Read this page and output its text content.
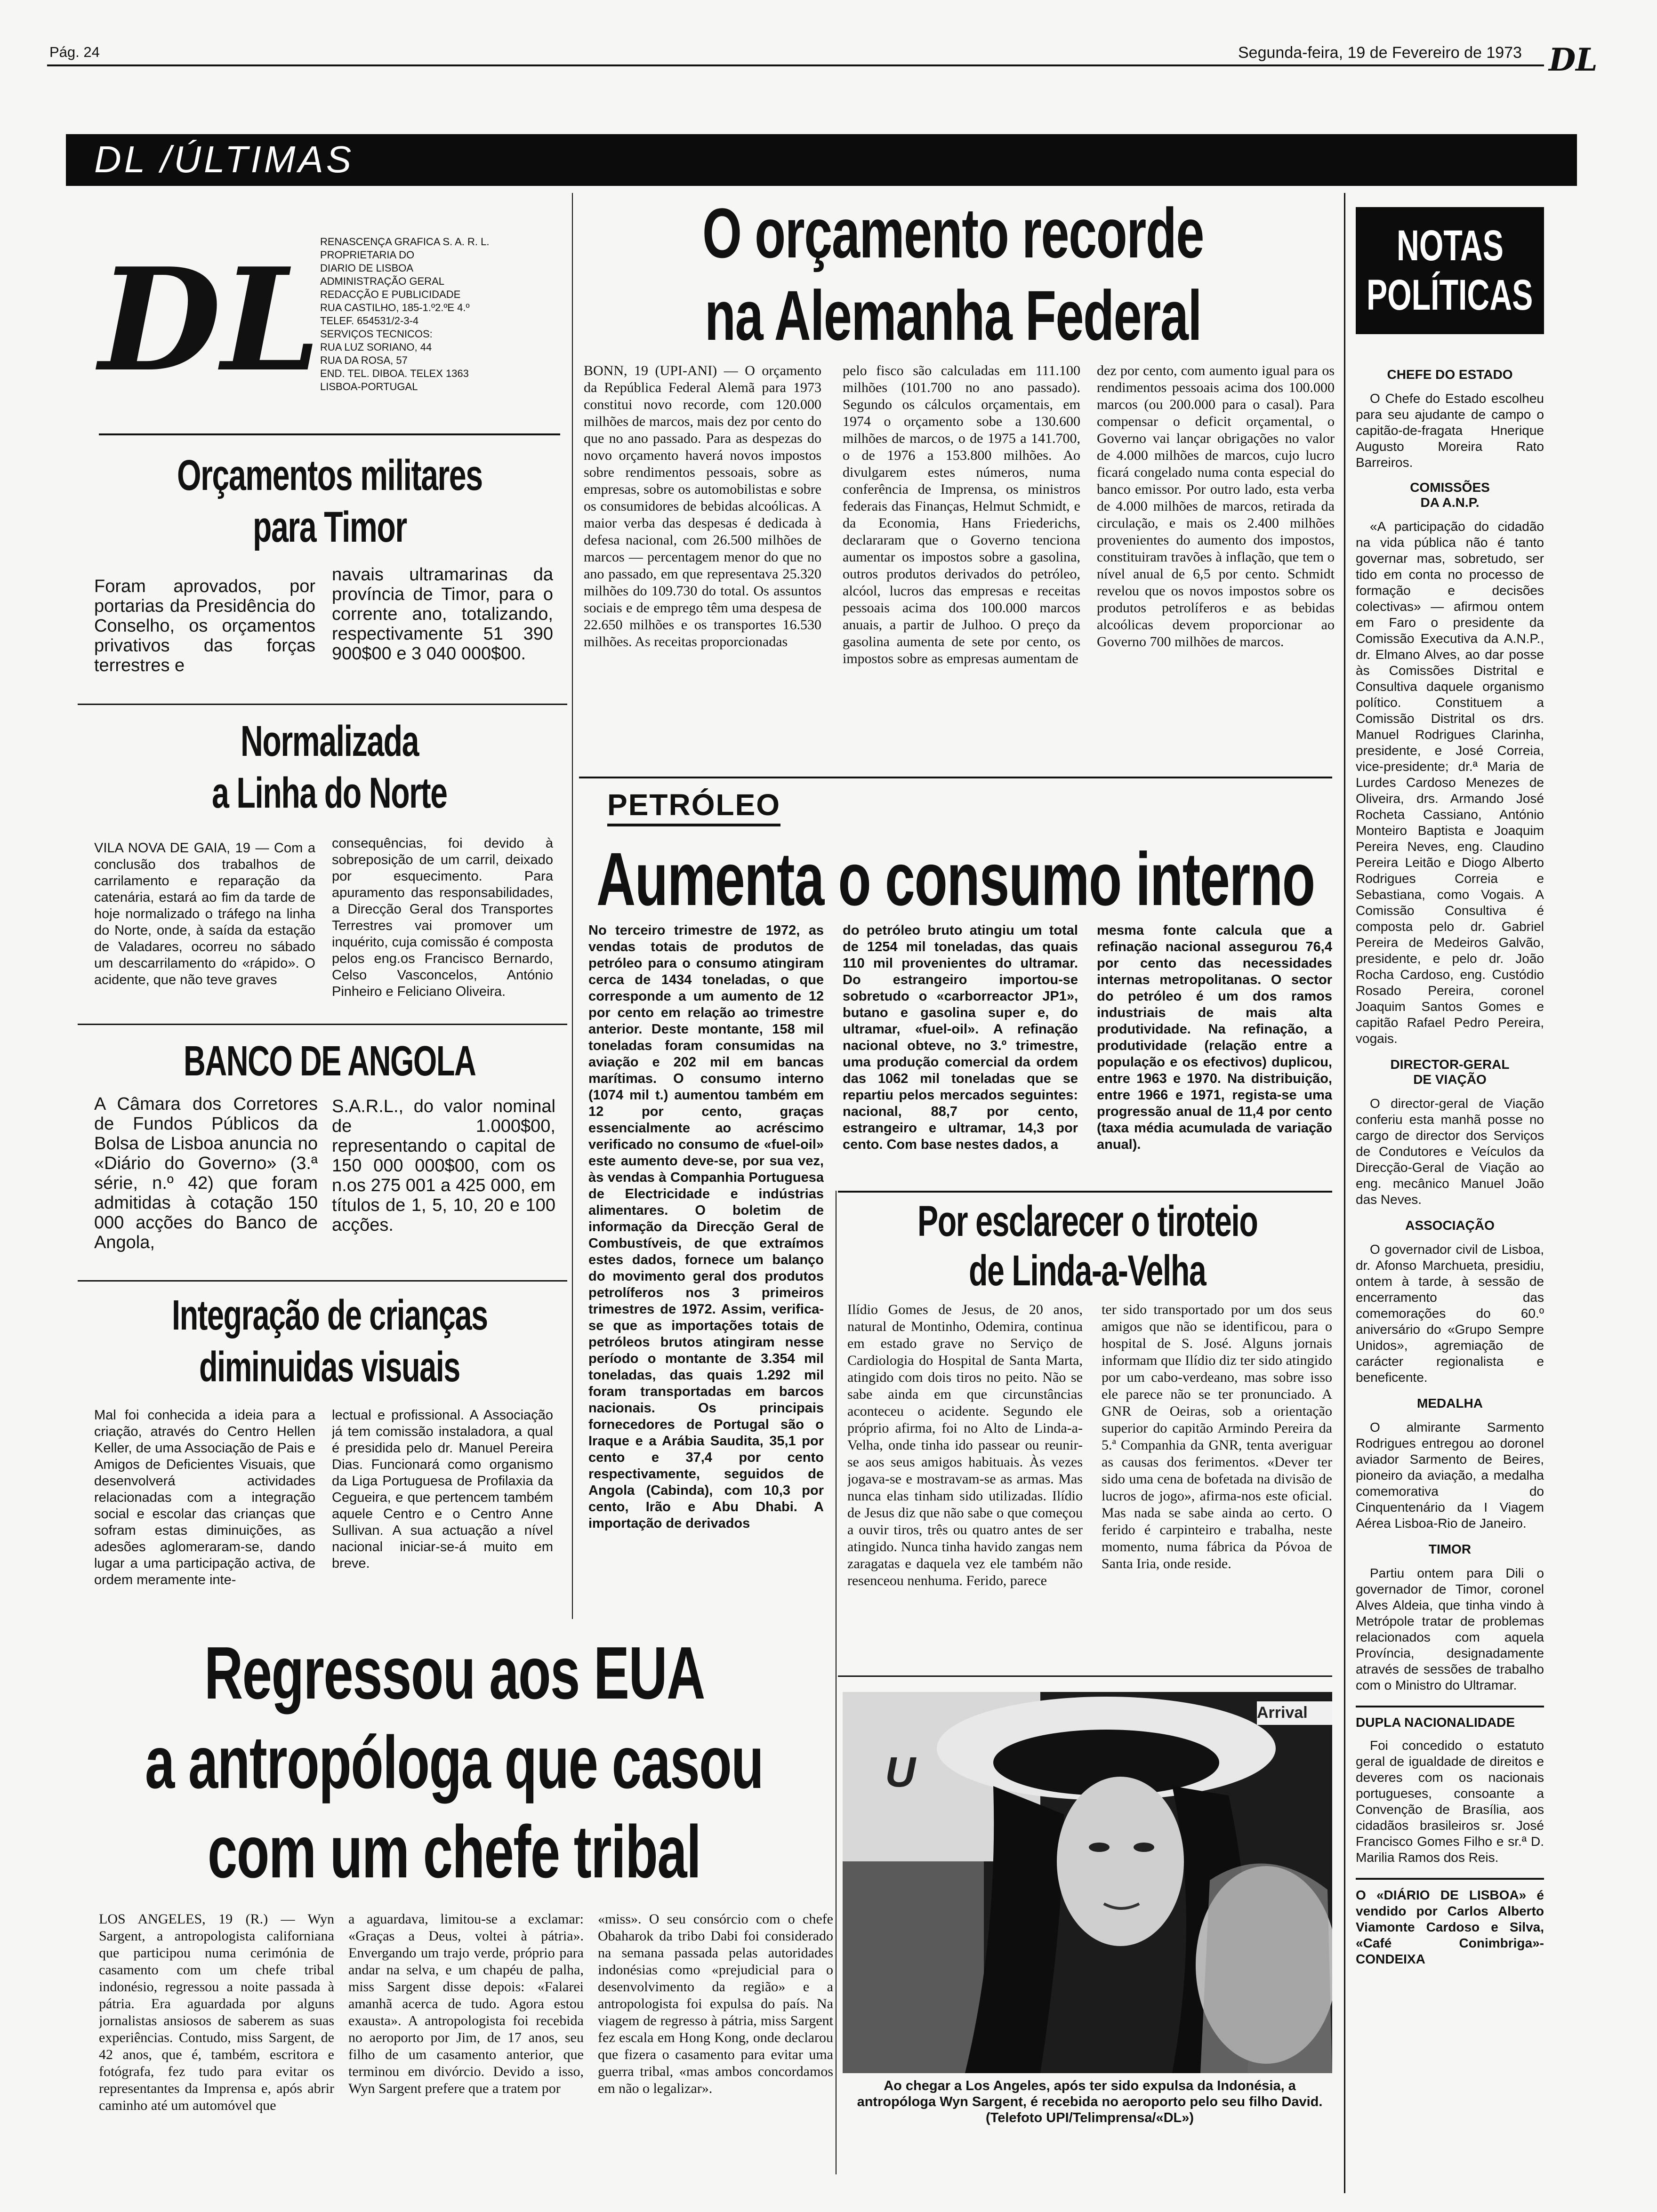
Pág. 24	Segunda-feira, 19 de Fevereiro de 1973 DL
DL /ÚLTIMAS
DL
RENASCENÇA GRAFICA S. A. R. L.
PROPRIETARIA DO
DIARIO DE LISBOA
ADMINISTRAÇÃO GERAL
REDACÇÃO E PUBLICIDADE
RUA CASTILHO, 185-1.º2.ºE 4.º
TELEF. 654531/2-3-4
SERVIÇOS TECNICOS:
RUA LUZ SORIANO, 44
RUA DA ROSA, 57
END. TEL. DIBOA. TELEX 1363
LISBOA-PORTUGAL
Orçamentos militares
para Timor
Foram aprovados, por portarias da Presidência do Conselho, os orçamentos privativos das forças terrestres e
navais ultramarinas da província de Timor, para o corrente ano, totalizando, respectivamente 51 390 900$00 e 3 040 000$00.
Normalizada
a Linha do Norte
VILA NOVA DE GAIA, 19 — Com a conclusão dos trabalhos de carrilamento e reparação da catenária, estará ao fim da tarde de hoje normalizado o tráfego na linha do Norte, onde, à saída da estação de Valadares, ocorreu no sábado um descarrilamento do «rápido». O acidente, que não teve graves
consequências, foi devido à sobreposição de um carril, deixado por esquecimento. Para apuramento das responsabilidades, a Direcção Geral dos Transportes Terrestres vai promover um inquérito, cuja comissão é composta pelos eng.os Francisco Bernardo, Celso Vasconcelos, António Pinheiro e Feliciano Oliveira.
BANCO DE ANGOLA
A Câmara dos Corretores de Fundos Públicos da Bolsa de Lisboa anuncia no «Diário do Governo» (3.ª série, n.º 42) que foram admitidas à cotação 150 000 acções do Banco de Angola,
S.A.R.L., do valor nominal de 1.000$00, representando o capital de 150 000 000$00, com os n.os 275 001 a 425 000, em títulos de 1, 5, 10, 20 e 100 acções.
Integração de crianças
diminuidas visuais
Mal foi conhecida a ideia para a criação, através do Centro Hellen Keller, de uma Associação de Pais e Amigos de Deficientes Visuais, que desenvolverá actividades relacionadas com a integração social e escolar das crianças que sofram estas diminuições, as adesões aglomeraram-se, dando lugar a uma participação activa, de ordem meramente inte-
lectual e profissional. A Associação já tem comissão instaladora, a qual é presidida pelo dr. Manuel Pereira Dias. Funcionará como organismo da Liga Portuguesa de Profilaxia da Cegueira, e que pertencem também aquele Centro e o Centro Anne Sullivan. A sua actuação a nível nacional iniciar-se-á muito em breve.
O orçamento recorde
na Alemanha Federal
BONN, 19 (UPI-ANI) — O orçamento da República Federal Alemã para 1973 constitui novo recorde, com 120.000 milhões de marcos, mais dez por cento do que no ano passado. Para as despezas do novo orçamento haverá novos impostos sobre rendimentos pessoais, sobre as empresas, sobre os automobilistas e sobre os consumidores de bebidas alcoólicas. A maior verba das despesas é dedicada à defesa nacional, com 26.500 milhões de marcos — percentagem menor do que no ano passado, em que representava 25.320 milhões do 109.730 do total. Os assuntos sociais e de emprego têm uma despesa de 22.650 milhões e os transportes 16.530 milhões. As receitas proporcionadas
pelo fisco são calculadas em 111.100 milhões (101.700 no ano passado). Segundo os cálculos orçamentais, em 1974 o orçamento sobe a 130.600 milhões de marcos, o de 1975 a 141.700, o de 1976 a 153.800 milhões. Ao divulgarem estes números, numa conferência de Imprensa, os ministros federais das Finanças, Helmut Schmidt, e da Economia, Hans Friederichs, declararam que o Governo tenciona aumentar os impostos sobre a gasolina, outros produtos derivados do petróleo, alcóol, lucros das empresas e receitas pessoais acima dos 100.000 marcos anuais, a partir de Julhoo. O preço da gasolina aumenta de sete por cento, os impostos sobre as empresas aumentam de
dez por cento, com aumento igual para os rendimentos pessoais acima dos 100.000 marcos (ou 200.000 para o casal). Para compensar o deficit orçamental, o Governo vai lançar obrigações no valor de 4.000 milhões de marcos, cujo lucro ficará congelado numa conta especial do banco emissor. Por outro lado, esta verba de 4.000 milhões de marcos, retirada da circulação, e mais os 2.400 milhões provenientes do aumento dos impostos, constituiram travões à inflação, que tem o nível anual de 6,5 por cento. Schmidt revelou que os novos impostos sobre os produtos petrolíferos e as bebidas alcoólicas devem proporcionar ao Governo 700 milhões de marcos.
PETRÓLEO
Aumenta o consumo interno
No terceiro trimestre de 1972, as vendas totais de produtos de petróleo para o consumo atingiram cerca de 1434 toneladas, o que corresponde a um aumento de 12 por cento em relação ao trimestre anterior. Deste montante, 158 mil toneladas foram consumidas na aviação e 202 mil em bancas marítimas. O consumo interno (1074 mil t.) aumentou também em 12 por cento, graças essencialmente ao acréscimo verificado no consumo de «fuel-oil» este aumento deve-se, por sua vez, às vendas à Companhia Portuguesa de Electricidade e indústrias alimentares. O boletim de informação da Direcção Geral de Combustíveis, de que extraímos estes dados, fornece um balanço do movimento geral dos produtos petrolíferos nos 3 primeiros trimestres de 1972. Assim, verifica-se que as importações totais de petróleos brutos atingiram nesse período o montante de 3.354 mil toneladas, das quais 1.292 mil foram transportadas em barcos nacionais. Os principais fornecedores de Portugal são o Iraque e a Arábia Saudita, 35,1 por cento e 37,4 por cento respectivamente, seguidos de Angola (Cabinda), com 10,3 por cento, Irão e Abu Dhabi. A importação de derivados
do petróleo bruto atingiu um total de 1254 mil toneladas, das quais 110 mil provenientes do ultramar. Do estrangeiro importou-se sobretudo o «carborreactor JP1», butano e gasolina super e, do ultramar, «fuel-oil». A refinação nacional obteve, no 3.º trimestre, uma produção comercial da ordem das 1062 mil toneladas que se repartiu pelos mercados seguintes: nacional, 88,7 por cento, estrangeiro e ultramar, 14,3 por cento. Com base nestes dados, a
mesma fonte calcula que a refinação nacional assegurou 76,4 por cento das necessidades internas metropolitanas. O sector do petróleo é um dos ramos industriais de mais alta produtividade. Na refinação, a produtividade (relação entre a população e os efectivos) duplicou, entre 1963 e 1970. Na distribuição, entre 1966 e 1971, regista-se uma progressão anual de 11,4 por cento (taxa média acumulada de variação anual).
Por esclarecer o tiroteio
de Linda-a-Velha
Ilídio Gomes de Jesus, de 20 anos, natural de Montinho, Odemira, continua em estado grave no Serviço de Cardiologia do Hospital de Santa Marta, atingido com dois tiros no peito. Não se sabe ainda em que circunstâncias aconteceu o acidente. Segundo ele próprio afirma, foi no Alto de Linda-a-Velha, onde tinha ido passear ou reunir-se aos seus amigos habituais. Às vezes jogava-se e mostravam-se as armas. Mas nunca elas tinham sido utilizadas. Ilídio de Jesus diz que não sabe o que começou a ouvir tiros, três ou quatro antes de ser atingido. Nunca tinha havido zangas nem zaragatas e daquela vez ele também não resenceou nenhuma. Ferido, parece
ter sido transportado por um dos seus amigos que não se identificou, para o hospital de S. José. Alguns jornais informam que Ilídio diz ter sido atingido por um cabo-verdeano, mas sobre isso ele parece não se ter pronunciado. A GNR de Oeiras, sob a orientação superior do capitão Armindo Pereira da 5.ª Companhia da GNR, tenta averiguar as causas dos ferimentos. «Dever ter sido uma cena de bofetada na divisão de lucros de jogo», afirma-nos este oficial. Mas nada se sabe ainda ao certo. O ferido é carpinteiro e trabalha, neste momento, numa fábrica da Póvoa de Santa Iria, onde reside.
Regressou aos EUA
a antropóloga que casou
com um chefe tribal
LOS ANGELES, 19 (R.) — Wyn Sargent, a antropologista californiana que participou numa cerimónia de casamento com um chefe tribal indonésio, regressou a noite passada à pátria. Era aguardada por alguns jornalistas ansiosos de saberem as suas experiências. Contudo, miss Sargent, de 42 anos, que é, também, escritora e fotógrafa, fez tudo para evitar os representantes da Imprensa e, após abrir caminho até um automóvel que
a aguardava, limitou-se a exclamar: «Graças a Deus, voltei à pátria». Envergando um trajo verde, próprio para andar na selva, e um chapéu de palha, miss Sargent disse depois: «Falarei amanhã acerca de tudo. Agora estou exausta». A antropologista foi recebida no aeroporto por Jim, de 17 anos, seu filho de um casamento anterior, que terminou em divórcio. Devido a isso, Wyn Sargent prefere que a tratem por
«miss». O seu consórcio com o chefe Obaharok da tribo Dabi foi considerado na semana passada pelas autoridades indonésias como «prejudicial para o desenvolvimento da região» e a antropologista foi expulsa do país. Na viagem de regresso à pátria, miss Sargent fez escala em Hong Kong, onde declarou que fizera o casamento para evitar uma guerra tribal, «mas ambos concordamos em não o legalizar».
Arrival
U
Ao chegar a Los Angeles, após ter sido expulsa da Indonésia, a antropóloga Wyn Sargent, é recebida no aeroporto pelo seu filho David. (Telefoto UPI/Telimprensa/«DL»)
NOTAS
POLÍTICAS
CHEFE DO ESTADO
O Chefe do Estado escolheu para seu ajudante de campo o capitão-de-fragata Hnerique Augusto Moreira Rato Barreiros.
COMISSÕES
DA A.N.P.
«A participação do cidadão na vida pública não é tanto governar mas, sobretudo, ser tido em conta no processo de formação e decisões colectivas» — afirmou ontem em Faro o presidente da Comissão Executiva da A.N.P., dr. Elmano Alves, ao dar posse às Comissões Distrital e Consultiva daquele organismo político. Constituem a Comissão Distrital os drs. Manuel Rodrigues Clarinha, presidente, e José Correia, vice-presidente; dr.ª Maria de Lurdes Cardoso Menezes de Oliveira, drs. Armando José Rocheta Cassiano, António Monteiro Baptista e Joaquim Pereira Neves, eng. Claudino Pereira Leitão e Diogo Alberto Rodrigues Correia e Sebastiana, como Vogais. A Comissão Consultiva é composta pelo dr. Gabriel Pereira de Medeiros Galvão, presidente, e pelo dr. João Rocha Cardoso, eng. Custódio Rosado Pereira, coronel Joaquim Santos Gomes e capitão Rafael Pedro Pereira, vogais.
DIRECTOR-GERAL
DE VIAÇÃO
O director-geral de Viação conferiu esta manhã posse no cargo de director dos Serviços de Condutores e Veículos da Direcção-Geral de Viação ao eng. mecânico Manuel João das Neves.
ASSOCIAÇÃO
O governador civil de Lisboa, dr. Afonso Marchueta, presidiu, ontem à tarde, à sessão de encerramento das comemorações do 60.º aniversário do «Grupo Sempre Unidos», agremiação de carácter regionalista e beneficente.
MEDALHA
O almirante Sarmento Rodrigues entregou ao doronel aviador Sarmento de Beires, pioneiro da aviação, a medalha comemorativa do Cinquentenário da I Viagem Aérea Lisboa-Rio de Janeiro.
TIMOR
Partiu ontem para Dili o governador de Timor, coronel Alves Aldeia, que tinha vindo à Metrópole tratar de problemas relacionados com aquela Província, designadamente através de sessões de trabalho com o Ministro do Ultramar.
DUPLA NACIONALIDADE
Foi concedido o estatuto geral de igualdade de direitos e deveres com os nacionais portugueses, consoante a Convenção de Brasília, aos cidadãos brasileiros sr. José Francisco Gomes Filho e sr.ª D. Marilia Ramos dos Reis.
O «DIÁRIO DE LISBOA» é vendido por Carlos Alberto Viamonte Cardoso e Silva, «Café Conimbriga»-CONDEIXA
